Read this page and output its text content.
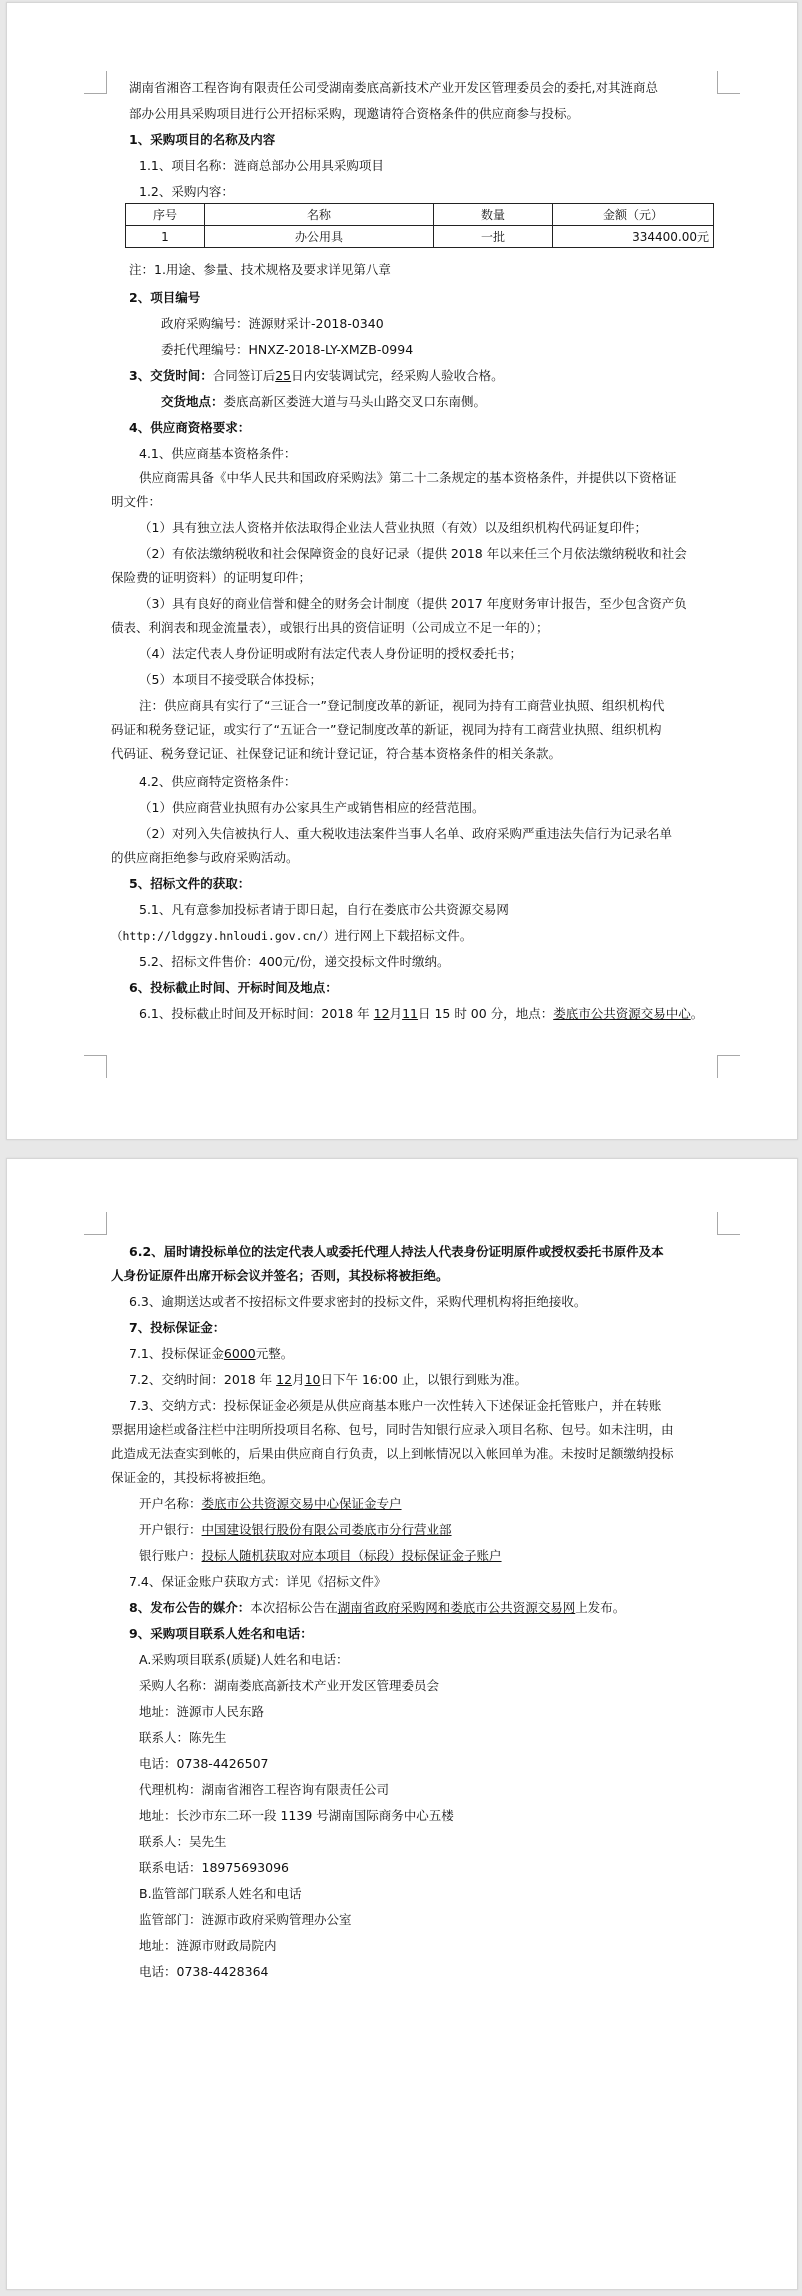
湖南省湘咨工程咨询有限责任公司受湖南娄底高新技术产业开发区管理委员会的委托,对其涟商总
部办公用具采购项目进行公开招标采购，现邀请符合资格条件的供应商参与投标。
1、采购项目的名称及内容
1.1、项目名称：涟商总部办公用具采购项目
1.2、采购内容：
序号	名称	数量	金额（元）
1	办公用具	一批	334400.00元
注：1.用途、参量、技术规格及要求详见第八章
2、项目编号
政府采购编号：涟源财采计-2018-0340
委托代理编号：HNXZ-2018-LY-XMZB-0994
3、交货时间：合同签订后25日内安装调试完，经采购人验收合格。
交货地点：娄底高新区娄涟大道与马头山路交叉口东南侧。
4、供应商资格要求：
4.1、供应商基本资格条件：
供应商需具备《中华人民共和国政府采购法》第二十二条规定的基本资格条件，并提供以下资格证
明文件：
（1）具有独立法人资格并依法取得企业法人营业执照（有效）以及组织机构代码证复印件；
（2）有依法缴纳税收和社会保障资金的良好记录（提供 2018 年以来任三个月依法缴纳税收和社会
保险费的证明资料）的证明复印件；
（3）具有良好的商业信誉和健全的财务会计制度（提供 2017 年度财务审计报告，至少包含资产负
债表、利润表和现金流量表），或银行出具的资信证明（公司成立不足一年的）；
（4）法定代表人身份证明或附有法定代表人身份证明的授权委托书；
（5）本项目不接受联合体投标；
注：供应商具有实行了“三证合一”登记制度改革的新证，视同为持有工商营业执照、组织机构代
码证和税务登记证，或实行了“五证合一”登记制度改革的新证，视同为持有工商营业执照、组织机构
代码证、税务登记证、社保登记证和统计登记证，符合基本资格条件的相关条款。
4.2、供应商特定资格条件：
（1）供应商营业执照有办公家具生产或销售相应的经营范围。
（2）对列入失信被执行人、重大税收违法案件当事人名单、政府采购严重违法失信行为记录名单
的供应商拒绝参与政府采购活动。
5、招标文件的获取：
5.1、凡有意参加投标者请于即日起，自行在娄底市公共资源交易网
（http://ldggzy.hnloudi.gov.cn/）进行网上下载招标文件。
5.2、招标文件售价：400元/份，递交投标文件时缴纳。
6、投标截止时间、开标时间及地点：
6.1、投标截止时间及开标时间：2018 年 12月11日 15 时 00 分，地点：娄底市公共资源交易中心。
6.2、届时请投标单位的法定代表人或委托代理人持法人代表身份证明原件或授权委托书原件及本
人身份证原件出席开标会议并签名；否则，其投标将被拒绝。
6.3、逾期送达或者不按招标文件要求密封的投标文件，采购代理机构将拒绝接收。
7、投标保证金：
7.1、投标保证金6000元整。
7.2、交纳时间：2018 年 12月10日下午 16:00 止，以银行到账为准。
7.3、交纳方式：投标保证金必须是从供应商基本账户一次性转入下述保证金托管账户，并在转账
票据用途栏或备注栏中注明所投项目名称、包号，同时告知银行应录入项目名称、包号。如未注明，由
此造成无法查实到帐的，后果由供应商自行负责，以上到帐情况以入帐回单为准。未按时足额缴纳投标
保证金的，其投标将被拒绝。
开户名称：娄底市公共资源交易中心保证金专户
开户银行：中国建设银行股份有限公司娄底市分行营业部
银行账户：投标人随机获取对应本项目（标段）投标保证金子账户
7.4、保证金账户获取方式：详见《招标文件》
8、发布公告的媒介：本次招标公告在湖南省政府采购网和娄底市公共资源交易网上发布。
9、采购项目联系人姓名和电话：
A.采购项目联系(质疑)人姓名和电话：
采购人名称：湖南娄底高新技术产业开发区管理委员会
地址：涟源市人民东路
联系人：陈先生
电话：0738-4426507
代理机构：湖南省湘咨工程咨询有限责任公司
地址：长沙市东二环一段 1139 号湖南国际商务中心五楼
联系人：吴先生
联系电话：18975693096
B.监管部门联系人姓名和电话
监管部门：涟源市政府采购管理办公室
地址：涟源市财政局院内
电话：0738-4428364
